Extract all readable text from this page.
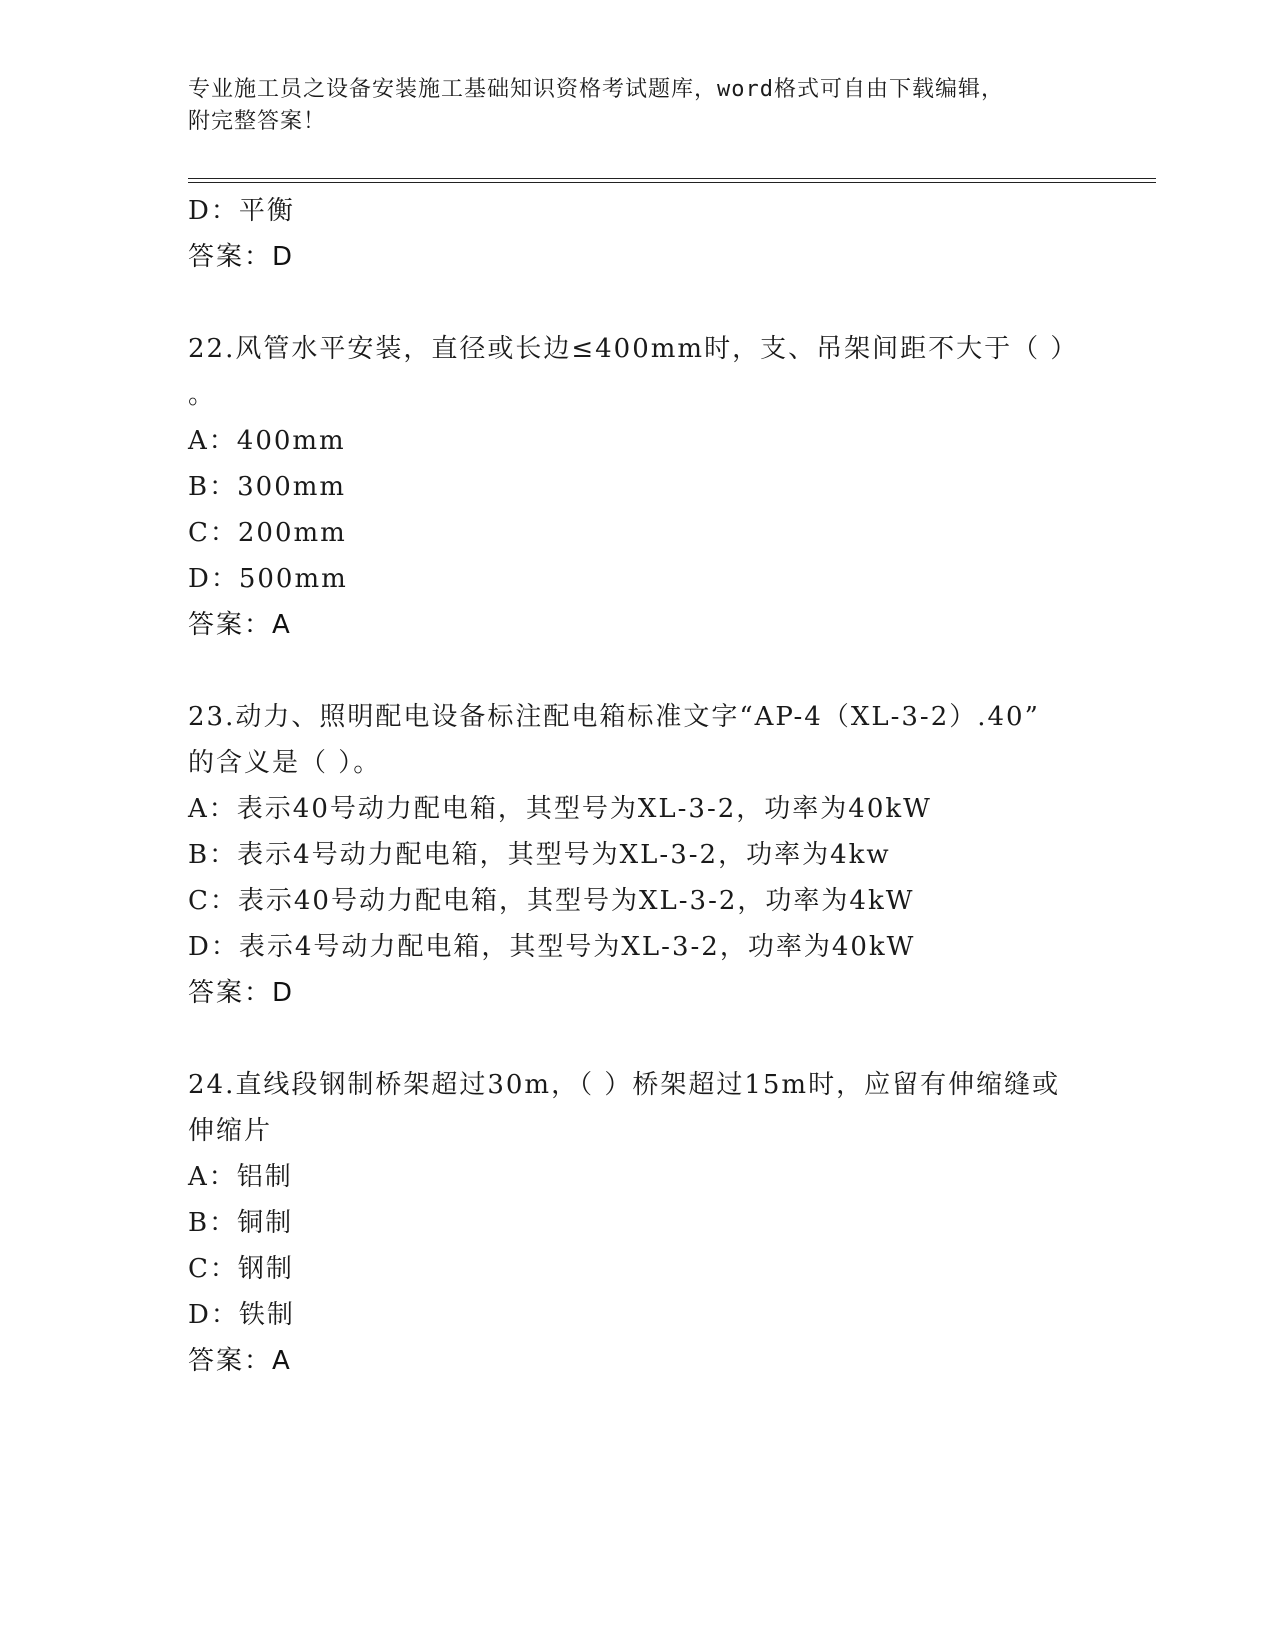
专业施工员之设备安装施工基础知识资格考试题库，word格式可自由下载编辑，
附完整答案！
D：平衡
答案：D
22.风管水平安装，直径或长边≤400mm时，支、吊架间距不大于（ ）
。
A：400mm
B：300mm
C：200mm
D：500mm
答案：A
23.动力、照明配电设备标注配电箱标准文字“AP-4（XL-3-2）.40”
的含义是（ ）。
A：表示40号动力配电箱，其型号为XL-3-2，功率为40kW
B：表示4号动力配电箱，其型号为XL-3-2，功率为4kw
C：表示40号动力配电箱，其型号为XL-3-2，功率为4kW
D：表示4号动力配电箱，其型号为XL-3-2，功率为40kW
答案：D
24.直线段钢制桥架超过30m，（ ）桥架超过15m时，应留有伸缩缝或
伸缩片
A：铝制
B：铜制
C：钢制
D：铁制
答案：A
